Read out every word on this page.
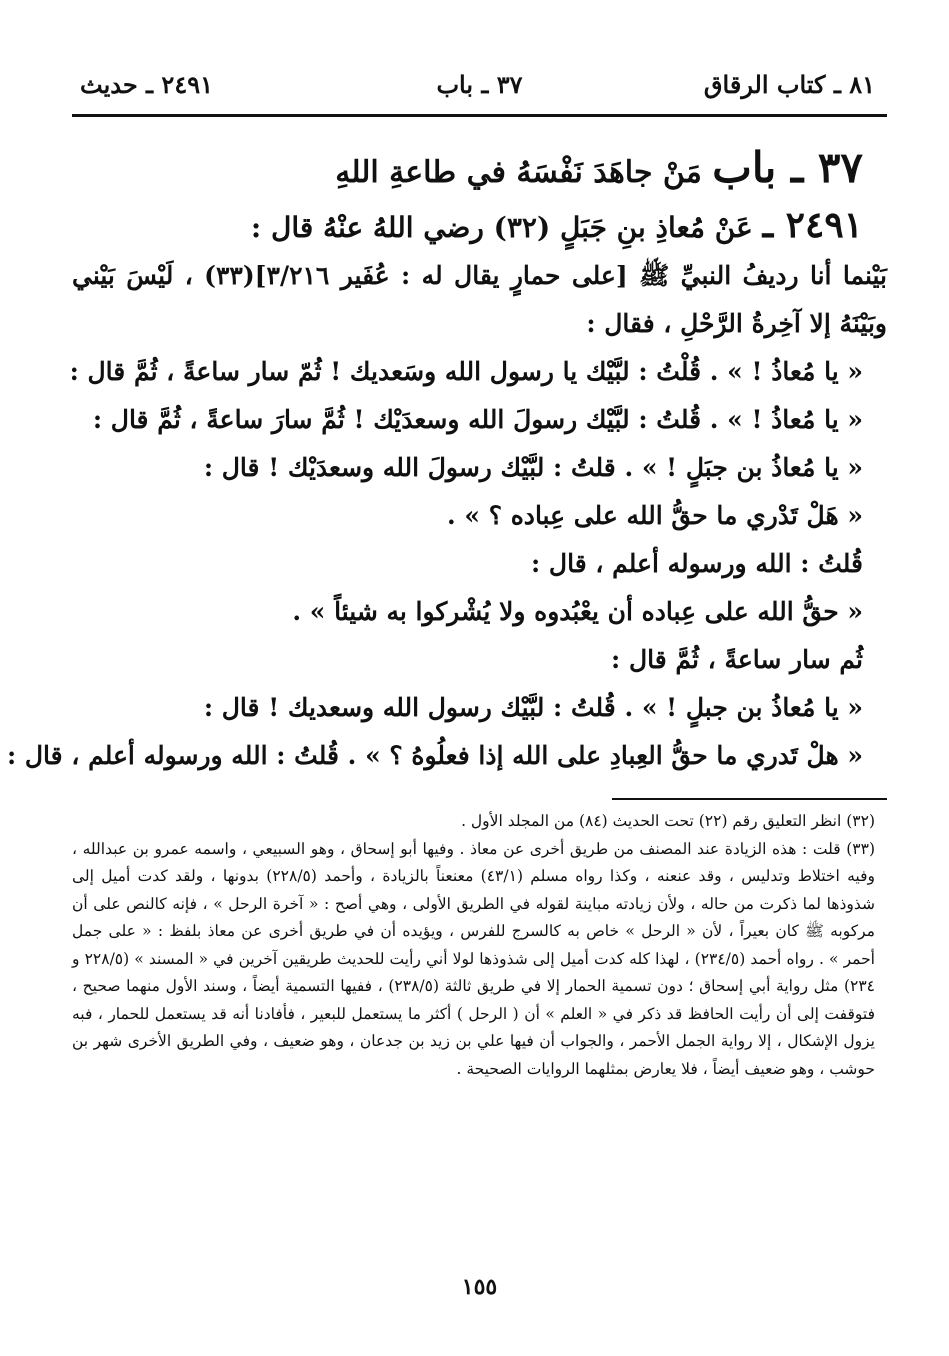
٨١ ـ كتاب الرقاق
٣٧ ـ باب
٢٤٩١ ـ حديث
٣٧ ـ باب مَنْ جاهَدَ نَفْسَهُ في طاعةِ اللهِ
٢٤٩١ ـ عَنْ مُعاذِ بنِ جَبَلٍ (٣٢) رضي اللهُ عنْهُ قال :
بَيْنما أنا رديفُ النبيِّ ﷺ [على حمارٍ يقال له : عُفَير ٣/٢١٦](٣٣) ، لَيْسَ بَيْني وبَيْنَهُ إلا آخِرةُ الرَّحْلِ ، فقال :
« يا مُعاذُ ! » . قُلْتُ : لبَّيْك يا رسول الله وسَعديك ! ثُمّ سار ساعةً ، ثُمَّ قال :
« يا مُعاذُ ! » . قُلتُ : لبَّيْك رسولَ الله وسعدَيْك ! ثُمَّ سارَ ساعةً ، ثُمَّ قال :
« يا مُعاذُ بن جبَلٍ ! » . قلتُ : لبَّيْك رسولَ الله وسعدَيْك ! قال :
« هَلْ تَدْري ما حقُّ الله على عِباده ؟ » .
قُلتُ : الله ورسوله أعلم ، قال :
« حقُّ الله على عِباده أن يعْبُدوه ولا يُشْركوا به شيئاً » .
ثُم سار ساعةً ، ثُمَّ قال :
« يا مُعاذُ بن جبلٍ ! » . قُلتُ : لبَّيْك رسول الله وسعديك ! قال :
« هلْ تَدري ما حقُّ العِبادِ على الله إذا فعلُوهُ ؟ » . قُلتُ : الله ورسوله أعلم ، قال :
(٣٢) انظر التعليق رقم (٢٢) تحت الحديث (٨٤) من المجلد الأول .
(٣٣) قلت : هذه الزيادة عند المصنف من طريق أخرى عن معاذ . وفيها أبو إسحاق ، وهو السبيعي ، واسمه عمرو بن عبدالله ، وفيه اختلاط وتدليس ، وقد عنعنه ، وكذا رواه مسلم (٤٣/١) معنعناً بالزيادة ، وأحمد (٢٢٨/٥) بدونها ، ولقد كدت أميل إلى شذوذها لما ذكرت من حاله ، ولأن زيادته مباينة لقوله في الطريق الأولى ، وهي أصح : « آخرة الرحل » ، فإنه كالنص على أن مركوبه ﷺ كان بعيراً ، لأن « الرحل » خاص به كالسرج للفرس ، ويؤيده أن في طريق أخرى عن معاذ بلفظ : « على جمل أحمر » . رواه أحمد (٢٣٤/٥) ، لهذا كله كدت أميل إلى شذوذها لولا أني رأيت للحديث طريقين آخرين في « المسند » (٢٢٨/٥ و ٢٣٤) مثل رواية أبي إسحاق ؛ دون تسمية الحمار إلا في طريق ثالثة (٢٣٨/٥) ، ففيها التسمية أيضاً ، وسند الأول منهما صحيح ، فتوقفت إلى أن رأيت الحافظ قد ذكر في « العلم » أن ( الرحل ) أكثر ما يستعمل للبعير ، فأفادنا أنه قد يستعمل للحمار ، فبه يزول الإشكال ، إلا رواية الجمل الأحمر ، والجواب أن فيها علي بن زيد بن جدعان ، وهو ضعيف ، وفي الطريق الأخرى شهر بن حوشب ، وهو ضعيف أيضاً ، فلا يعارض بمثلهما الروايات الصحيحة .
١٥٥
